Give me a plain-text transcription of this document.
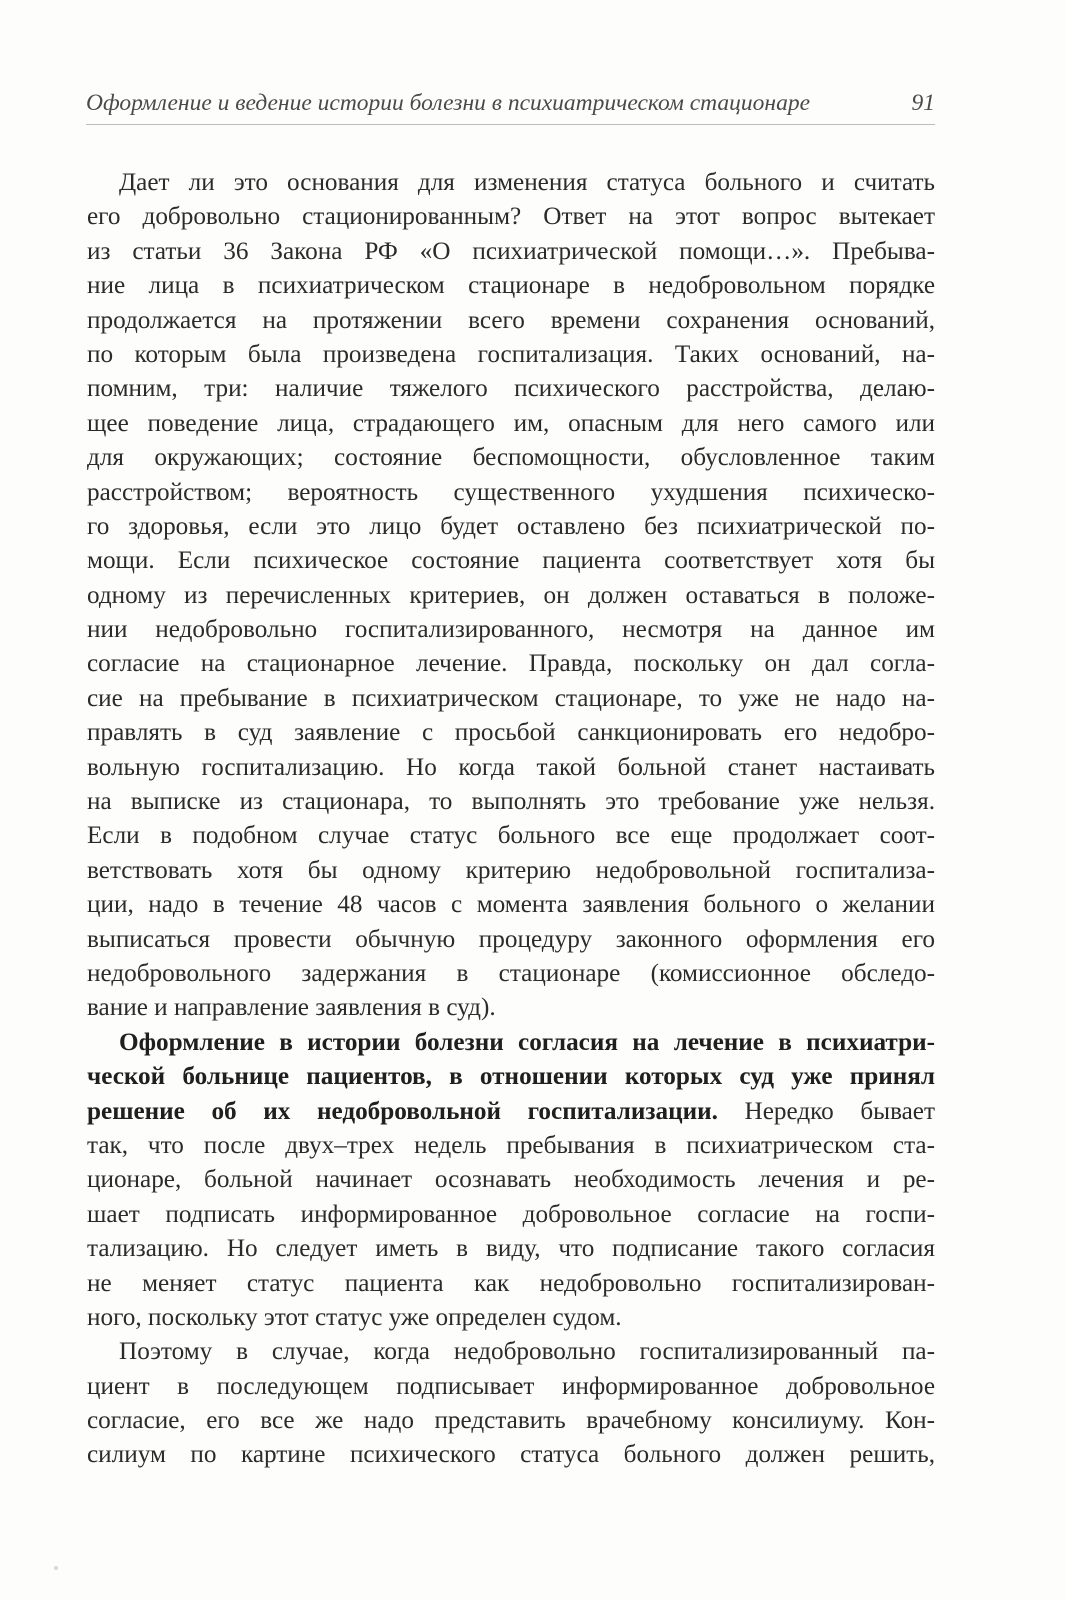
Оформление и ведение истории болезни в психиатрическом стационаре	91
Дает ли это основания для изменения статуса больного и считать
его добровольно стационированным? Ответ на этот вопрос вытекает
из статьи 36 Закона РФ «О психиатрической помощи…». Пребыва-
ние лица в психиатрическом стационаре в недобровольном порядке
продолжается на протяжении всего времени сохранения оснований,
по которым была произведена госпитализация. Таких оснований, на-
помним, три: наличие тяжелого психического расстройства, делаю-
щее поведение лица, страдающего им, опасным для него самого или
для окружающих; состояние беспомощности, обусловленное таким
расстройством; вероятность существенного ухудшения психическо-
го здоровья, если это лицо будет оставлено без психиатрической по-
мощи. Если психическое состояние пациента соответствует хотя бы
одному из перечисленных критериев, он должен оставаться в положе-
нии недобровольно госпитализированного, несмотря на данное им
согласие на стационарное лечение. Правда, поскольку он дал согла-
сие на пребывание в психиатрическом стационаре, то уже не надо на-
правлять в суд заявление с просьбой санкционировать его недобро-
вольную госпитализацию. Но когда такой больной станет настаивать
на выписке из стационара, то выполнять это требование уже нельзя.
Если в подобном случае статус больного все еще продолжает соот-
ветствовать хотя бы одному критерию недобровольной госпитализа-
ции, надо в течение 48 часов с момента заявления больного о желании
выписаться провести обычную процедуру законного оформления его
недобровольного задержания в стационаре (комиссионное обследо-
вание и направление заявления в суд).
Оформление в истории болезни согласия на лечение в психиатри-
ческой больнице пациентов, в отношении которых суд уже принял
решение об их недобровольной госпитализации. Нередко бывает
так, что после двух–трех недель пребывания в психиатрическом ста-
ционаре, больной начинает осознавать необходимость лечения и ре-
шает подписать информированное добровольное согласие на госпи-
тализацию. Но следует иметь в виду, что подписание такого согласия
не меняет статус пациента как недобровольно госпитализирован-
ного, поскольку этот статус уже определен судом.
Поэтому в случае, когда недобровольно госпитализированный па-
циент в последующем подписывает информированное добровольное
согласие, его все же надо представить врачебному консилиуму. Кон-
силиум по картине психического статуса больного должен решить,
